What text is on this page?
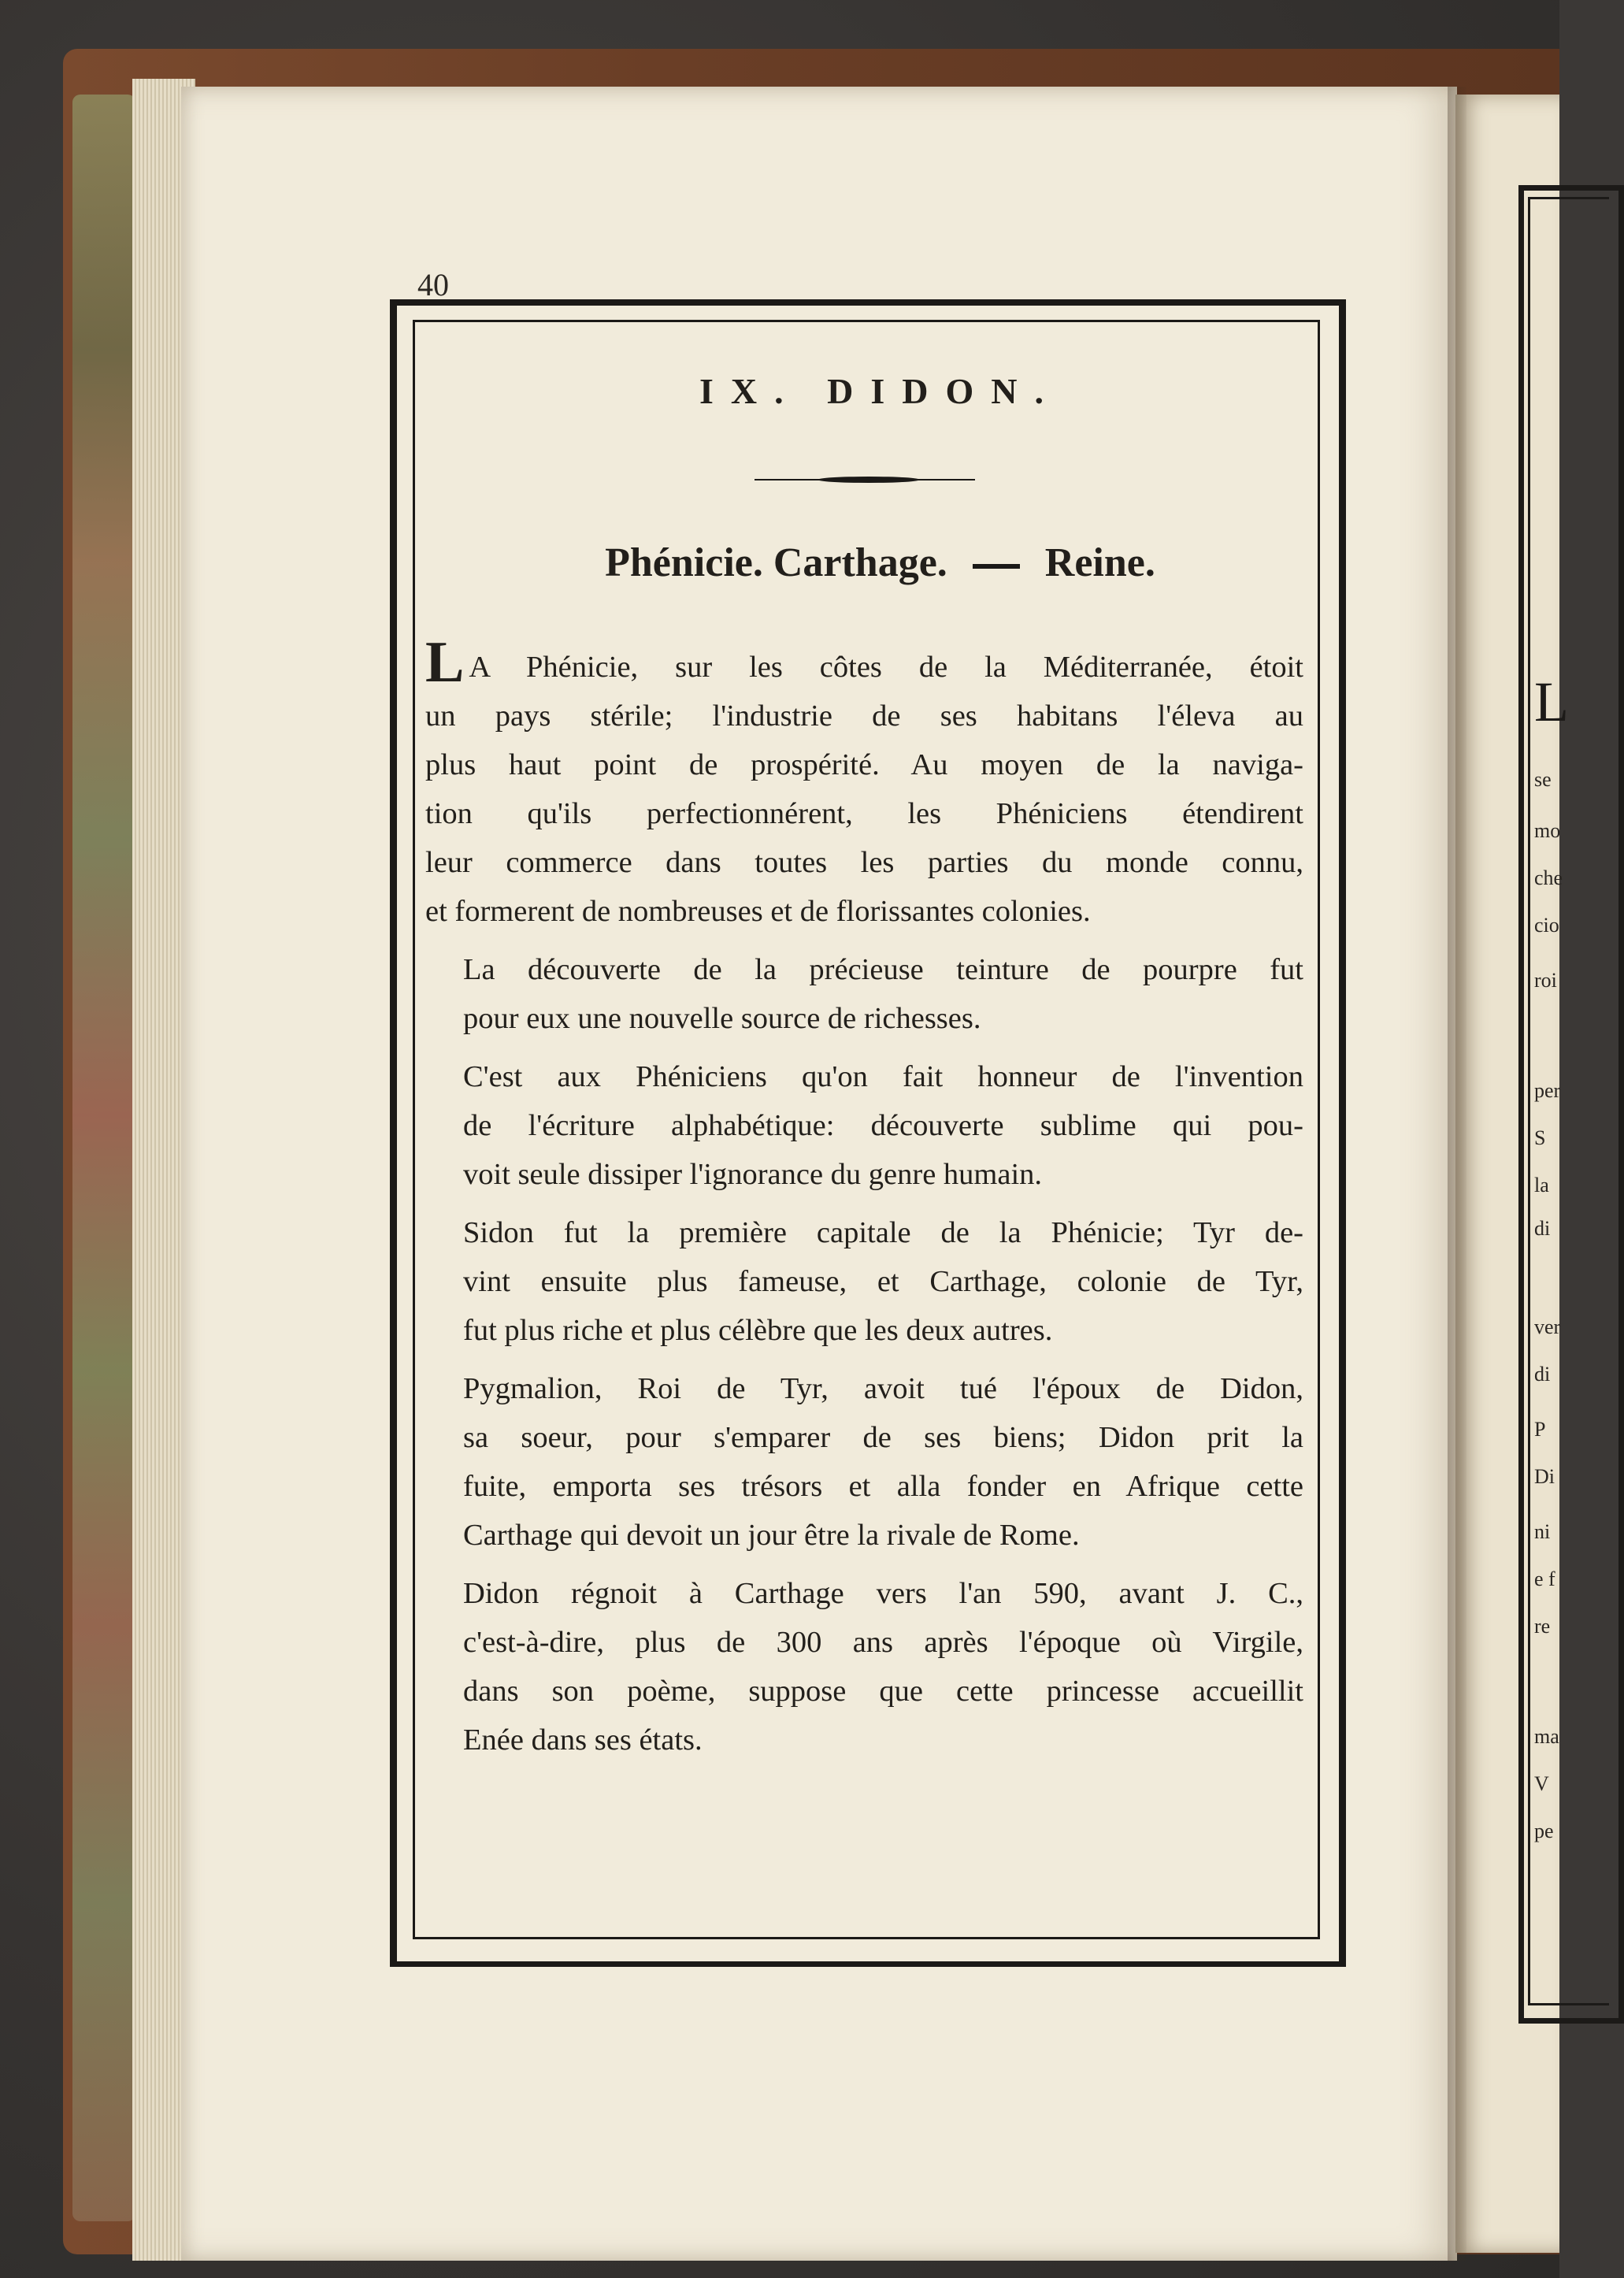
L
se
mo
che
cio
roi
per
S
la
di
ver
di
P
Di
ni
e f
re
ma
V
pe
40
IX. DIDON.
Phénicie. Carthage. Reine.
L A Phénicie, sur les côtes de la Méditerranée, étoit
un pays stérile; l'industrie de ses habitans l'éleva au
plus haut point de prospérité. Au moyen de la naviga-
tion qu'ils perfectionnérent, les Phéniciens étendirent
leur commerce dans toutes les parties du monde connu,
et formerent de nombreuses et de florissantes colonies.
La découverte de la précieuse teinture de pourpre fut
pour eux une nouvelle source de richesses.
C'est aux Phéniciens qu'on fait honneur de l'invention
de l'écriture alphabétique: découverte sublime qui pou-
voit seule dissiper l'ignorance du genre humain.
Sidon fut la première capitale de la Phénicie; Tyr de-
vint ensuite plus fameuse, et Carthage, colonie de Tyr,
fut plus riche et plus célèbre que les deux autres.
Pygmalion, Roi de Tyr, avoit tué l'époux de Didon,
sa soeur, pour s'emparer de ses biens; Didon prit la
fuite, emporta ses trésors et alla fonder en Afrique cette
Carthage qui devoit un jour être la rivale de Rome.
Didon régnoit à Carthage vers l'an 590, avant J. C.,
c'est-à-dire, plus de 300 ans après l'époque où Virgile,
dans son poème, suppose que cette princesse accueillit
Enée dans ses états.
